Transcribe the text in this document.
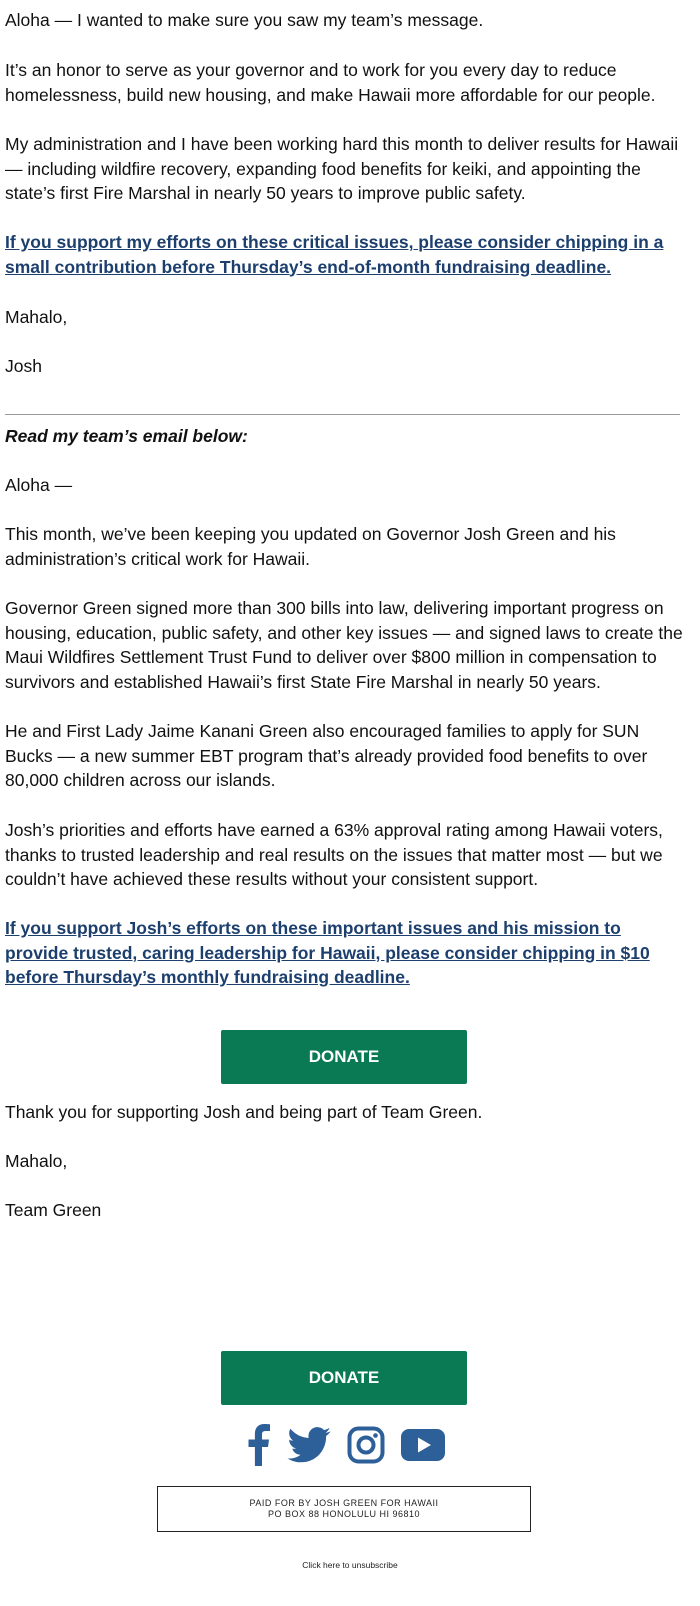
Aloha — I wanted to make sure you saw my team’s message.

It’s an honor to serve as your governor and to work for you every day to reduce homelessness, build new housing, and make Hawaii more affordable for our people.

My administration and I have been working hard this month to deliver results for Hawaii — including wildfire recovery, expanding food benefits for keiki, and appointing the state’s first Fire Marshal in nearly 50 years to improve public safety.

If you support my efforts on these critical issues, please consider chipping in a small contribution before Thursday’s end-of-month fundraising deadline.

Mahalo,

Josh

Read my team’s email below:

Aloha —

This month, we’ve been keeping you updated on Governor Josh Green and his administration’s critical work for Hawaii.

Governor Green signed more than 300 bills into law, delivering important progress on housing, education, public safety, and other key issues — and signed laws to create the Maui Wildfires Settlement Trust Fund to deliver over $800 million in compensation to survivors and established Hawaii’s first State Fire Marshal in nearly 50 years.

He and First Lady Jaime Kanani Green also encouraged families to apply for SUN Bucks — a new summer EBT program that’s already provided food benefits to over 80,000 children across our islands.

Josh’s priorities and efforts have earned a 63% approval rating among Hawaii voters, thanks to trusted leadership and real results on the issues that matter most — but we couldn’t have achieved these results without your consistent support.

If you support Josh’s efforts on these important issues and his mission to provide trusted, caring leadership for Hawaii, please consider chipping in $10 before Thursday’s monthly fundraising deadline.

DONATE

Thank you for supporting Josh and being part of Team Green.

Mahalo,

Team Green

DONATE
PAID FOR BY JOSH GREEN FOR HAWAII
PO BOX 88 HONOLULU HI 96810
Click here to unsubscribe
